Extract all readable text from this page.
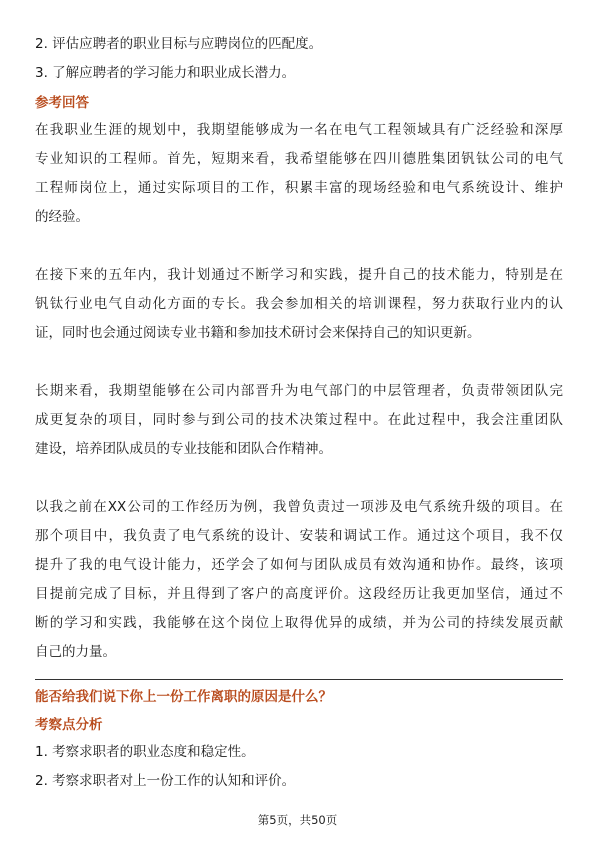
2. 评估应聘者的职业目标与应聘岗位的匹配度。

3. 了解应聘者的学习能力和职业成长潜力。

参考回答

在我职业生涯的规划中，我期望能够成为一名在电气工程领域具有广泛经验和深厚
专业知识的工程师。首先，短期来看，我希望能够在四川德胜集团钒钛公司的电气
工程师岗位上，通过实际项目的工作，积累丰富的现场经验和电气系统设计、维护
的经验。
在接下来的五年内，我计划通过不断学习和实践，提升自己的技术能力，特别是在
钒钛行业电气自动化方面的专长。我会参加相关的培训课程，努力获取行业内的认
证，同时也会通过阅读专业书籍和参加技术研讨会来保持自己的知识更新。
长期来看，我期望能够在公司内部晋升为电气部门的中层管理者，负责带领团队完
成更复杂的项目，同时参与到公司的技术决策过程中。在此过程中，我会注重团队
建设，培养团队成员的专业技能和团队合作精神。
以我之前在XX公司的工作经历为例，我曾负责过一项涉及电气系统升级的项目。在
那个项目中，我负责了电气系统的设计、安装和调试工作。通过这个项目，我不仅
提升了我的电气设计能力，还学会了如何与团队成员有效沟通和协作。最终，该项
目提前完成了目标，并且得到了客户的高度评价。这段经历让我更加坚信，通过不
断的学习和实践，我能够在这个岗位上取得优异的成绩，并为公司的持续发展贡献
自己的力量。
能否给我们说下你上一份工作离职的原因是什么？

考察点分析

1. 考察求职者的职业态度和稳定性。

2. 考察求职者对上一份工作的认知和评价。

第5页，共50页
